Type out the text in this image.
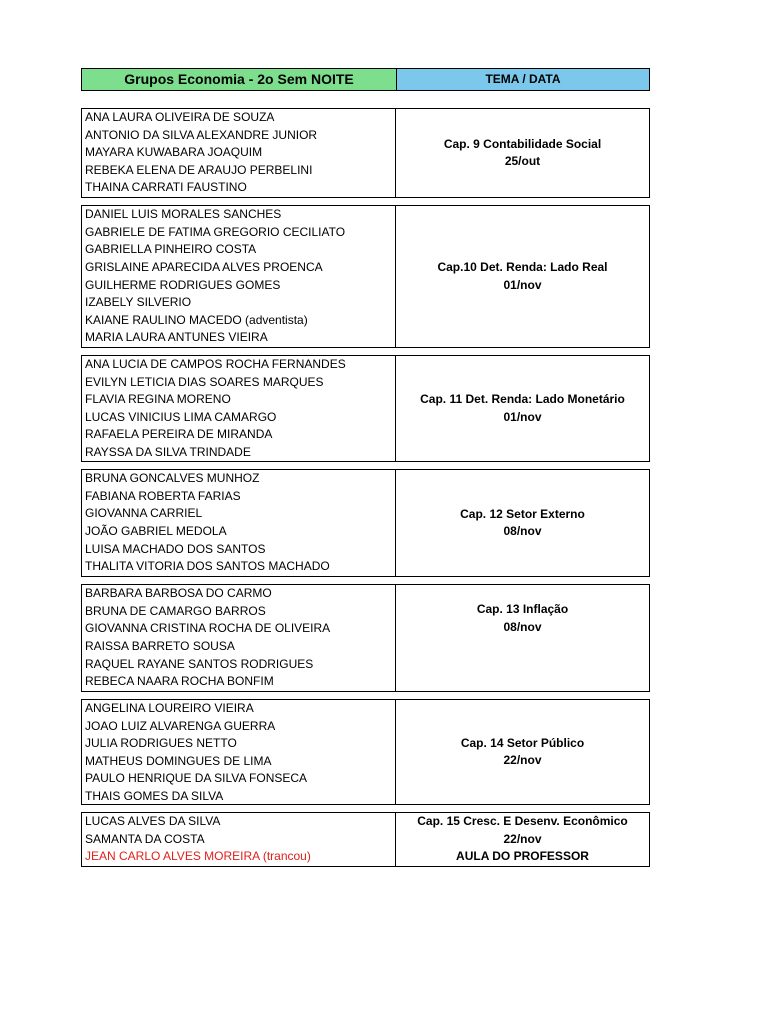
Grupos Economia - 2o Sem NOITE	TEMA / DATA
ANA LAURA OLIVEIRA DE SOUZA
ANTONIO DA SILVA ALEXANDRE JUNIOR
MAYARA KUWABARA JOAQUIM
REBEKA ELENA DE ARAUJO PERBELINI
THAINA CARRATI FAUSTINO
Cap. 9 Contabilidade Social
25/out
DANIEL LUIS MORALES SANCHES
GABRIELE DE FATIMA GREGORIO CECILIATO
GABRIELLA PINHEIRO COSTA
GRISLAINE APARECIDA ALVES PROENCA
GUILHERME RODRIGUES GOMES
IZABELY SILVERIO
KAIANE RAULINO MACEDO (adventista)
MARIA LAURA ANTUNES VIEIRA
Cap.10 Det. Renda: Lado Real
01/nov
ANA LUCIA DE CAMPOS ROCHA FERNANDES
EVILYN LETICIA DIAS SOARES MARQUES
FLAVIA REGINA MORENO
LUCAS VINICIUS LIMA CAMARGO
RAFAELA PEREIRA DE MIRANDA
RAYSSA DA SILVA TRINDADE
Cap. 11 Det. Renda: Lado Monetário
01/nov
BRUNA GONCALVES MUNHOZ
FABIANA ROBERTA FARIAS
GIOVANNA CARRIEL
JOÃO GABRIEL MEDOLA
LUISA MACHADO DOS SANTOS
THALITA VITORIA DOS SANTOS MACHADO
Cap. 12 Setor Externo
08/nov
BARBARA BARBOSA DO CARMO
BRUNA DE CAMARGO BARROS
GIOVANNA CRISTINA ROCHA DE OLIVEIRA
RAISSA BARRETO SOUSA
RAQUEL RAYANE SANTOS RODRIGUES
REBECA NAARA ROCHA BONFIM
Cap. 13 Inflação
08/nov
ANGELINA LOUREIRO VIEIRA
JOAO LUIZ ALVARENGA GUERRA
JULIA RODRIGUES NETTO
MATHEUS DOMINGUES DE LIMA
PAULO HENRIQUE DA SILVA FONSECA
THAIS GOMES DA SILVA
Cap. 14 Setor Público
22/nov
LUCAS ALVES DA SILVA
SAMANTA DA COSTA
JEAN CARLO ALVES MOREIRA (trancou)
Cap. 15 Cresc. E Desenv. Econômico
22/nov
AULA DO PROFESSOR
